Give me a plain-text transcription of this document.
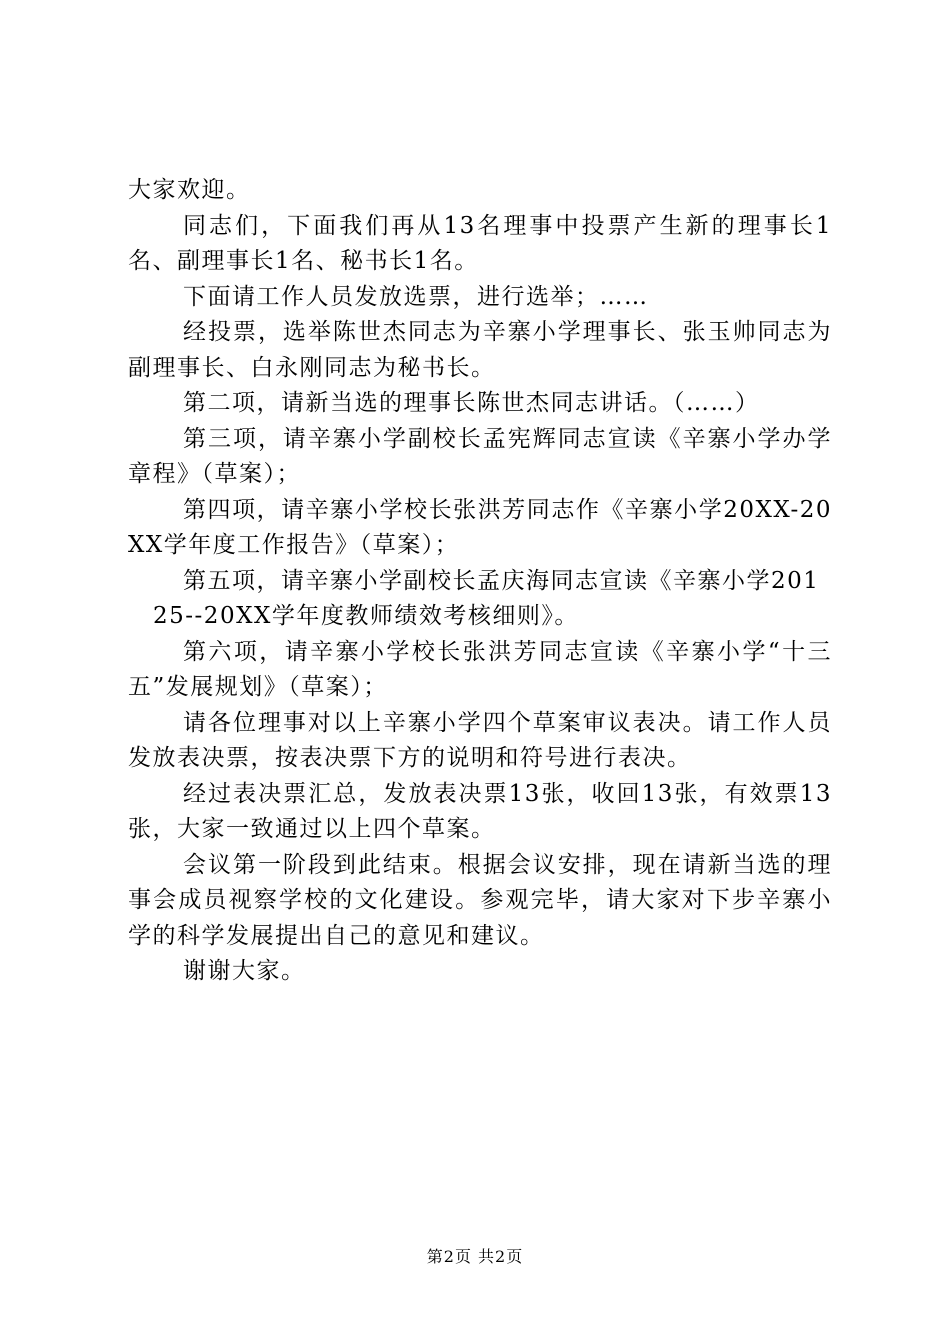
大家欢迎。

同志们，下面我们再从13名理事中投票产生新的理事长1名、副理事长1名、秘书长1名。

下面请工作人员发放选票，进行选举；……

经投票，选举陈世杰同志为辛寨小学理事长、张玉帅同志为副理事长、白永刚同志为秘书长。

第二项，请新当选的理事长陈世杰同志讲话。（……）

第三项，请辛寨小学副校长孟宪辉同志宣读《辛寨小学办学章程》（草案）；

第四项，请辛寨小学校长张洪芳同志作《辛寨小学20XX-20XX学年度工作报告》（草案）；

第五项，请辛寨小学副校长孟庆海同志宣读《辛寨小学201

25--20XX学年度教师绩效考核细则》。

第六项，请辛寨小学校长张洪芳同志宣读《辛寨小学“十三五”发展规划》（草案）；

请各位理事对以上辛寨小学四个草案审议表决。请工作人员发放表决票，按表决票下方的说明和符号进行表决。

经过表决票汇总，发放表决票13张，收回13张，有效票13张，大家一致通过以上四个草案。

会议第一阶段到此结束。根据会议安排，现在请新当选的理事会成员视察学校的文化建设。参观完毕，请大家对下步辛寨小学的科学发展提出自己的意见和建议。

谢谢大家。

第2页 共2页
